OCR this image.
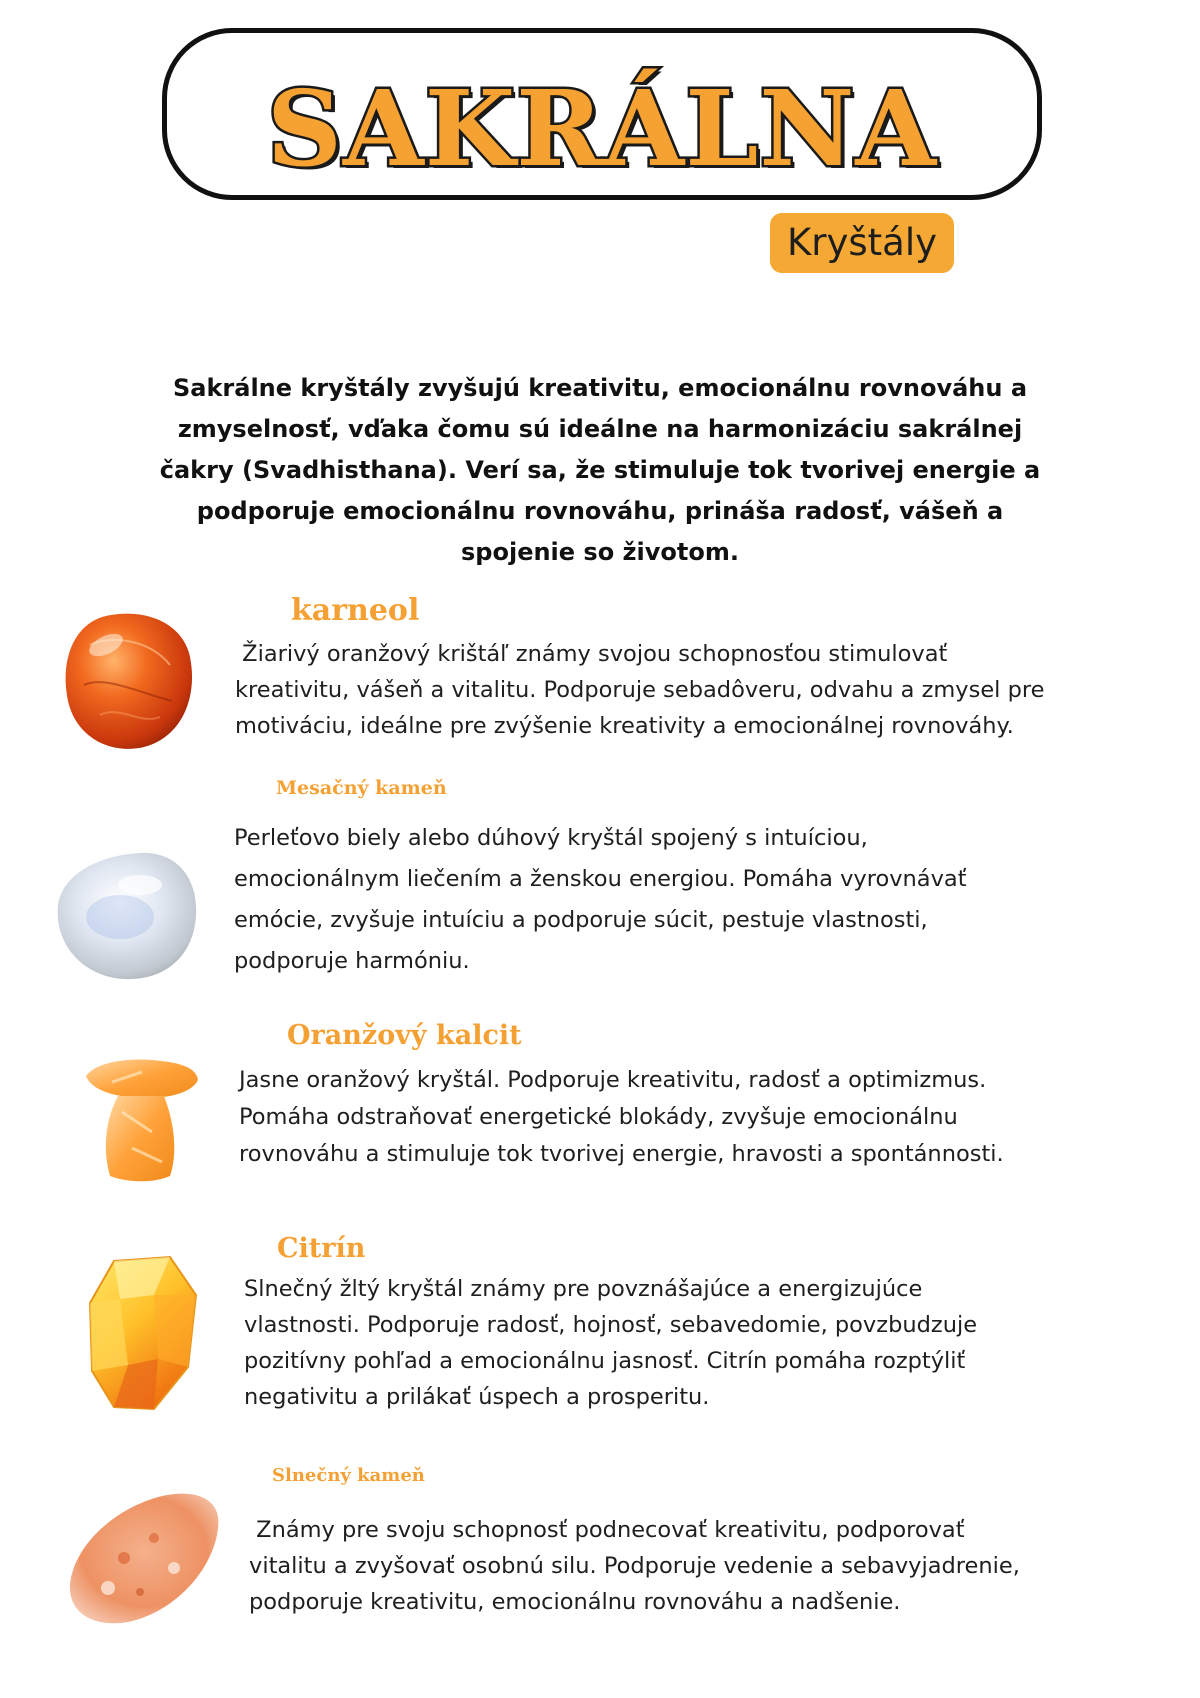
SAKRÁLNA
Kryštály
Sakrálne kryštály zvyšujú kreativitu, emocionálnu rovnováhu a
zmyselnosť, vďaka čomu sú ideálne na harmonizáciu sakrálnej
čakry (Svadhisthana). Verí sa, že stimuluje tok tvorivej energie a
podporuje emocionálnu rovnováhu, prináša radosť, vášeň a
spojenie so životom.
karneol
Žiarivý oranžový krištáľ známy svojou schopnosťou stimulovať
kreativitu, vášeň a vitalitu. Podporuje sebadôveru, odvahu a zmysel pre
motiváciu, ideálne pre zvýšenie kreativity a emocionálnej rovnováhy.
Mesačný kameň
Perleťovo biely alebo dúhový kryštál spojený s intuíciou,
emocionálnym liečením a ženskou energiou. Pomáha vyrovnávať
emócie, zvyšuje intuíciu a podporuje súcit, pestuje vlastnosti,
podporuje harmóniu.
Oranžový kalcit
Jasne oranžový kryštál. Podporuje kreativitu, radosť a optimizmus.
Pomáha odstraňovať energetické blokády, zvyšuje emocionálnu
rovnováhu a stimuluje tok tvorivej energie, hravosti a spontánnosti.
Citrín
Slnečný žltý kryštál známy pre povznášajúce a energizujúce
vlastnosti. Podporuje radosť, hojnosť, sebavedomie, povzbudzuje
pozitívny pohľad a emocionálnu jasnosť. Citrín pomáha rozptýliť
negativitu a prilákať úspech a prosperitu.
Slnečný kameň
Známy pre svoju schopnosť podnecovať kreativitu, podporovať
vitalitu a zvyšovať osobnú silu. Podporuje vedenie a sebavyjadrenie,
podporuje kreativitu, emocionálnu rovnováhu a nadšenie.
